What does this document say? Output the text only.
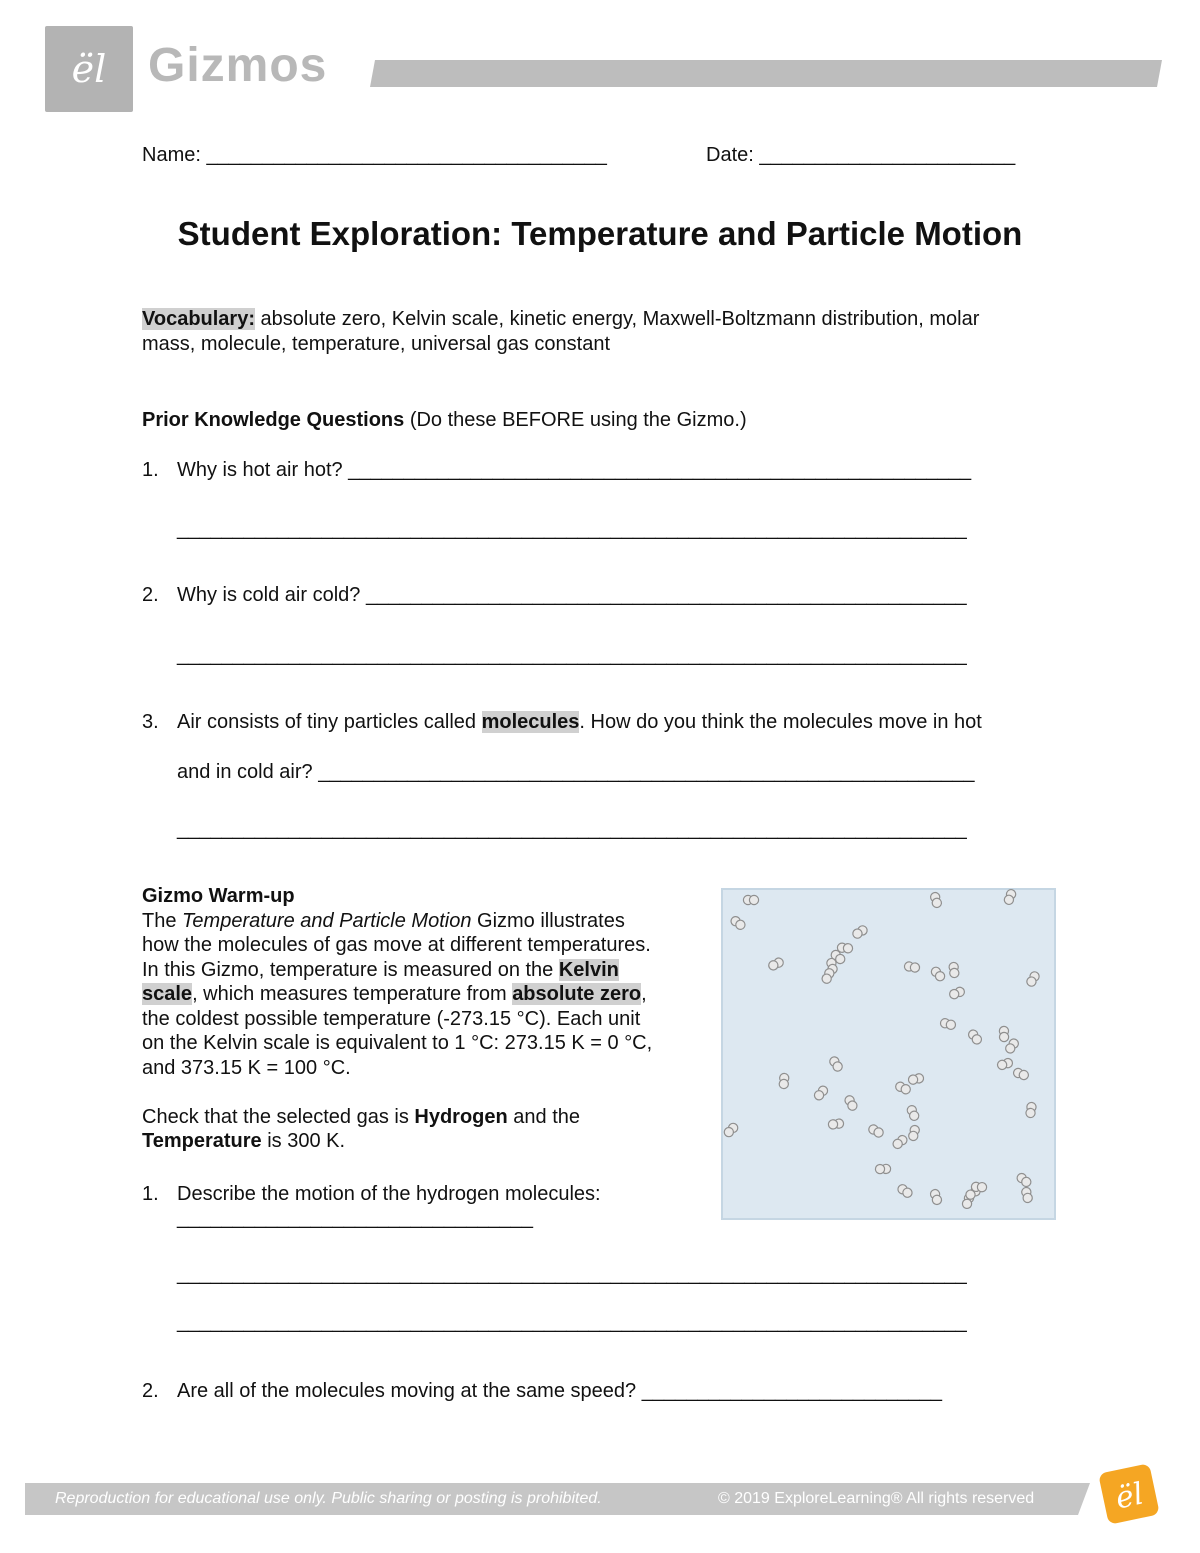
ël Gizmos
Name: ____________________________________	Date: _______________________
Student Exploration: Temperature and Particle Motion
Vocabulary: absolute zero, Kelvin scale, kinetic energy, Maxwell-Boltzmann distribution, molar
mass, molecule, temperature, universal gas constant
Prior Knowledge Questions (Do these BEFORE using the Gizmo.)
1. Why is hot air hot? ________________________________________________________
_______________________________________________________________________
2. Why is cold air cold? ______________________________________________________
_______________________________________________________________________
3. Air consists of tiny particles called molecules. How do you think the molecules move in hot
and in cold air? ___________________________________________________________
_______________________________________________________________________
Gizmo Warm-up
The Temperature and Particle Motion Gizmo illustrates
how the molecules of gas move at different temperatures.
In this Gizmo, temperature is measured on the Kelvin
scale, which measures temperature from absolute zero,
the coldest possible temperature (-273.15 °C). Each unit
on the Kelvin scale is equivalent to 1 °C: 273.15 K = 0 °C,
and 373.15 K = 100 °C.
Check that the selected gas is Hydrogen and the
Temperature is 300 K.
1. Describe the motion of the hydrogen molecules:
________________________________
_______________________________________________________________________
_______________________________________________________________________
2. Are all of the molecules moving at the same speed? ___________________________
Reproduction for educational use only. Public sharing or posting is prohibited.	© 2019 ExploreLearning® All rights reserved	ël
